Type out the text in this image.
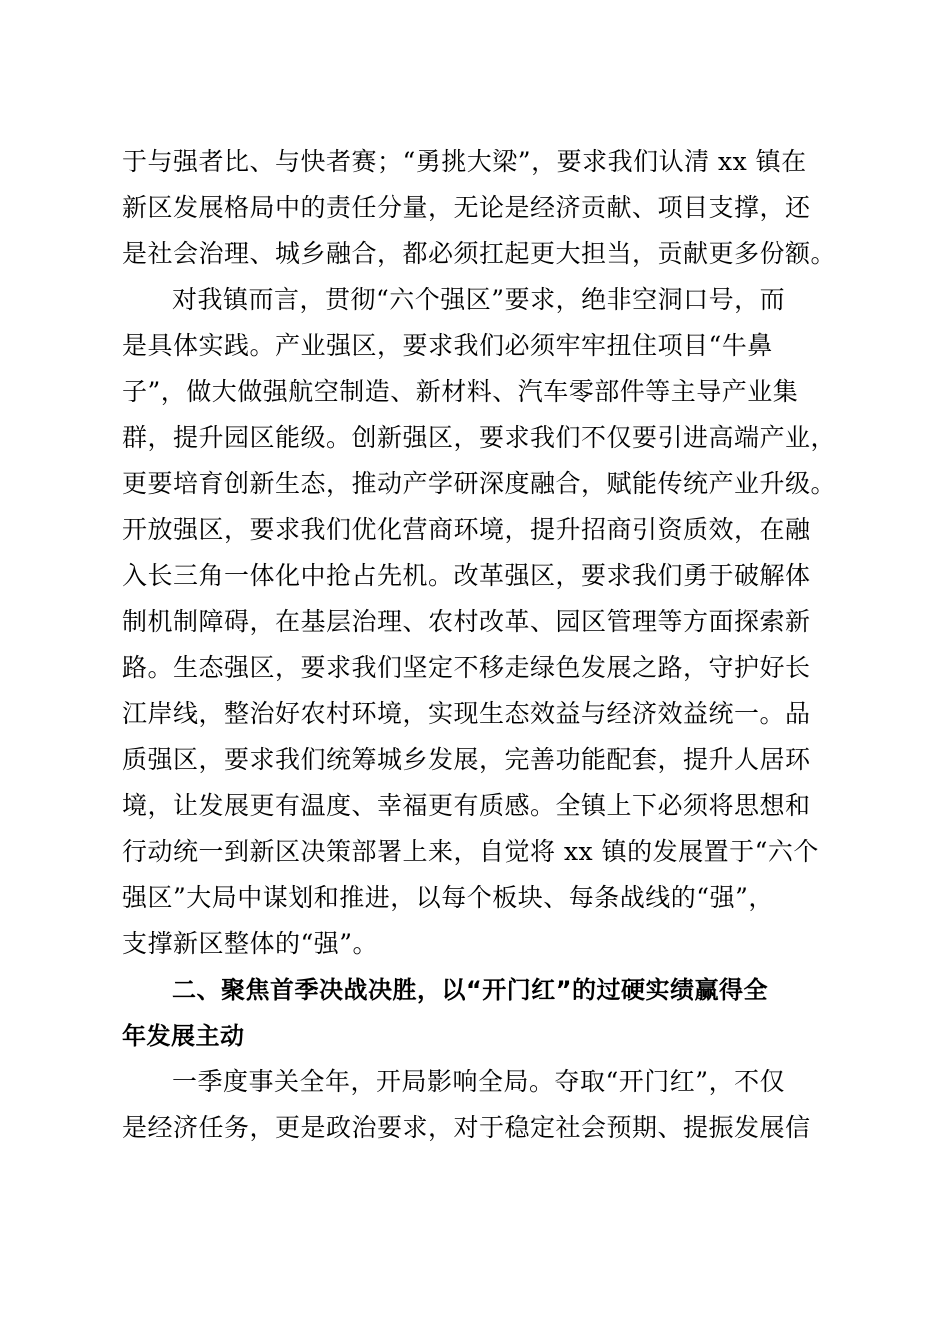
于与强者比、与快者赛；“勇挑大梁”，要求我们认清 xx 镇在
新区发展格局中的责任分量，无论是经济贡献、项目支撑，还
是社会治理、城乡融合，都必须扛起更大担当，贡献更多份额。
对我镇而言，贯彻“六个强区”要求，绝非空洞口号，而
是具体实践。产业强区，要求我们必须牢牢扭住项目“牛鼻
子”，做大做强航空制造、新材料、汽车零部件等主导产业集
群，提升园区能级。创新强区，要求我们不仅要引进高端产业，
更要培育创新生态，推动产学研深度融合，赋能传统产业升级。
开放强区，要求我们优化营商环境，提升招商引资质效，在融
入长三角一体化中抢占先机。改革强区，要求我们勇于破解体
制机制障碍，在基层治理、农村改革、园区管理等方面探索新
路。生态强区，要求我们坚定不移走绿色发展之路，守护好长
江岸线，整治好农村环境，实现生态效益与经济效益统一。品
质强区，要求我们统筹城乡发展，完善功能配套，提升人居环
境，让发展更有温度、幸福更有质感。全镇上下必须将思想和
行动统一到新区决策部署上来，自觉将 xx 镇的发展置于“六个
强区”大局中谋划和推进，以每个板块、每条战线的“强”，
支撑新区整体的“强”。
二、聚焦首季决战决胜，以“开门红”的过硬实绩赢得全
年发展主动
一季度事关全年，开局影响全局。夺取“开门红”，不仅
是经济任务，更是政治要求，对于稳定社会预期、提振发展信
